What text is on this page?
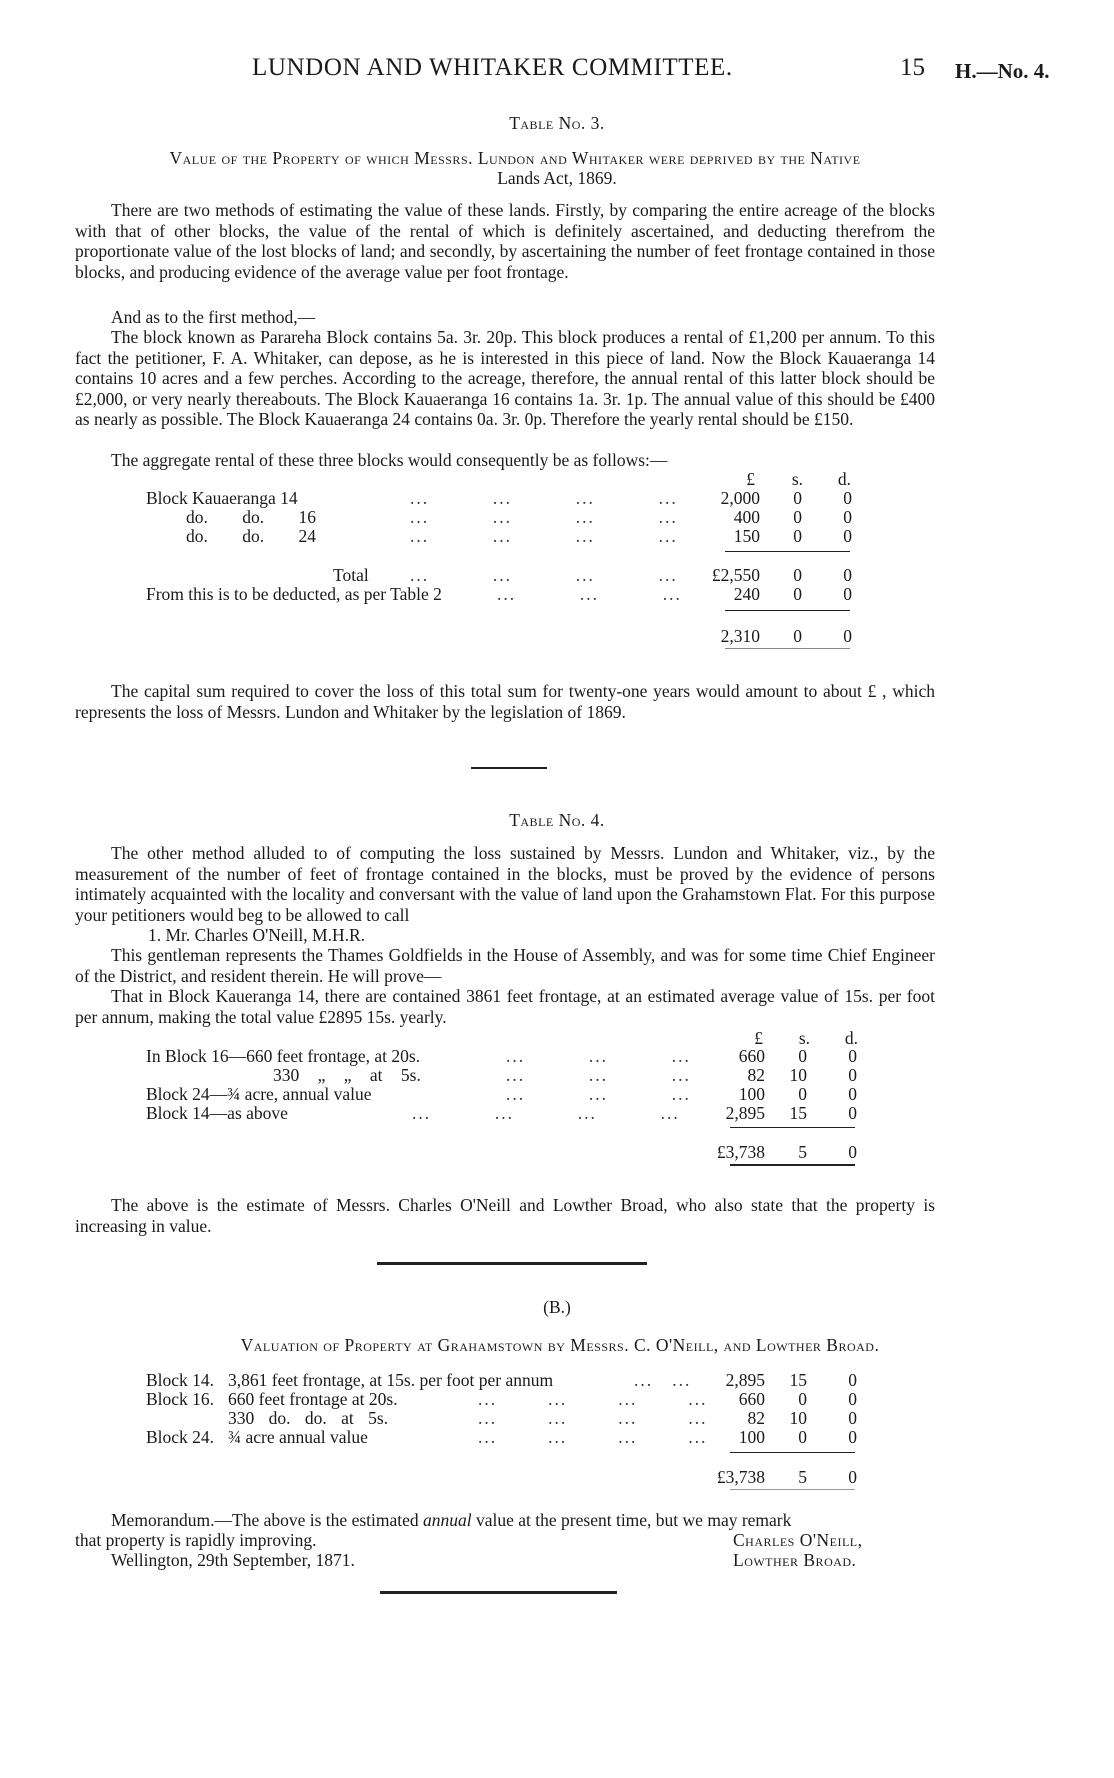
LUNDON AND WHITAKER COMMITTEE.	15 H.—No. 4.
Table No. 3.
Value of the Property of which Messrs. Lundon and Whitaker were deprived by the Native
Lands Act, 1869.

There are two methods of estimating the value of these lands. Firstly, by comparing the entire acreage of the blocks with that of other blocks, the value of the rental of which is definitely ascertained, and deducting therefrom the proportionate value of the lost blocks of land; and secondly, by ascertaining the number of feet frontage contained in those blocks, and producing evidence of the average value per foot frontage.

And as to the first method,—

The block known as Parareha Block contains 5a. 3r. 20p. This block produces a rental of £1,200 per annum. To this fact the petitioner, F. A. Whitaker, can depose, as he is interested in this piece of land. Now the Block Kauaeranga 14 contains 10 acres and a few perches. According to the acreage, therefore, the annual rental of this latter block should be £2,000, or very nearly thereabouts. The Block Kauaeranga 16 contains 1a. 3r. 1p. The annual value of this should be £400 as nearly as possible. The Block Kauaeranga 24 contains 0a. 3r. 0p. Therefore the yearly rental should be £150.

The aggregate rental of these three blocks would consequently be as follows:—

£	s.	d.
Block Kauaeranga 14	...          ...          ...          ...	2,000	0	0
do. do. 16	...          ...          ...          ...	400	0	0
do. do. 24	...          ...          ...          ...	150	0	0
Total ...          ...          ...          ...	£2,550	0	0
From this is to be deducted, as per Table 2	...          ...          ...	240	0	0
2,310	0	0

The capital sum required to cover the loss of this total sum for twenty-one years would amount to about £ , which represents the loss of Messrs. Lundon and Whitaker by the legislation of 1869.

Table No. 4.

The other method alluded to of computing the loss sustained by Messrs. Lundon and Whitaker, viz., by the measurement of the number of feet of frontage contained in the blocks, must be proved by the evidence of persons intimately acquainted with the locality and conversant with the value of land upon the Grahamstown Flat. For this purpose your petitioners would beg to be allowed to call

1. Mr. Charles O'Neill, M.H.R.

This gentleman represents the Thames Goldfields in the House of Assembly, and was for some time Chief Engineer of the District, and resident therein. He will prove—

That in Block Kaueranga 14, there are contained 3861 feet frontage, at an estimated average value of 15s. per foot per annum, making the total value £2895 15s. yearly.

£	s.	d.
In Block 16—660 feet frontage, at 20s.	...          ...          ...	660	0	0
330 „ „ at 5s.	...          ...          ...	82 10	0
Block 24—¾ acre, annual value	...          ...          ...	100	0	0
Block 14—as above	...          ...          ...          ...	2,895 15	0
£3,738	5	0

The above is the estimate of Messrs. Charles O'Neill and Lowther Broad, who also state that the property is increasing in value.

(B.)
Valuation of Property at Grahamstown by Messrs. C. O'Neill, and Lowther Broad.
Block 14. 3,861 feet frontage, at 15s. per foot per annum	...   ...	2,895 15	0
Block 16. 660 feet frontage at 20s.	...        ...        ...        ...	660	0	0
330 do. do. at 5s.	...        ...        ...        ...	82 10	0
Block 24. ¾ acre annual value	...        ...        ...        ...	100	0	0
£3,738	5	0

Memorandum.—The above is the estimated annual value at the present time, but we may remark

that property is rapidly improving.

Wellington, 29th September, 1871.

Charles O'Neill,

Lowther Broad.
